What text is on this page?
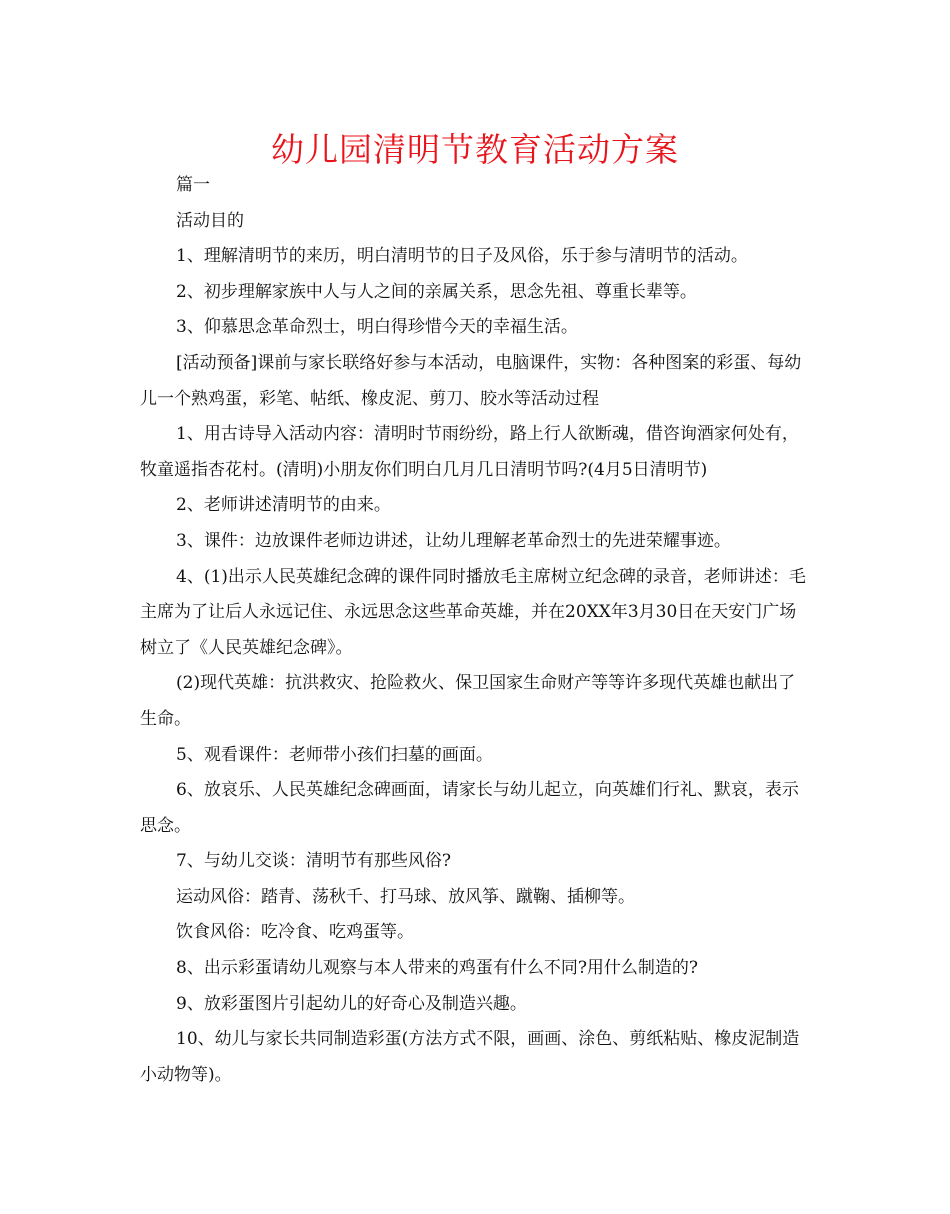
幼儿园清明节教育活动方案

篇一

活动目的

1、理解清明节的来历，明白清明节的日子及风俗，乐于参与清明节的活动。

2、初步理解家族中人与人之间的亲属关系，思念先祖、尊重长辈等。

3、仰慕思念革命烈士，明白得珍惜今天的幸福生活。

[活动预备]课前与家长联络好参与本活动，电脑课件，实物：各种图案的彩蛋、每幼儿一个熟鸡蛋，彩笔、帖纸、橡皮泥、剪刀、胶水等活动过程

1、用古诗导入活动内容：清明时节雨纷纷，路上行人欲断魂，借咨询酒家何处有，牧童遥指杏花村。(清明)小朋友你们明白几月几日清明节吗?(4月5日清明节)

2、老师讲述清明节的由来。

3、课件：边放课件老师边讲述，让幼儿理解老革命烈士的先进荣耀事迹。

4、(1)出示人民英雄纪念碑的课件同时播放毛主席树立纪念碑的录音，老师讲述：毛主席为了让后人永远记住、永远思念这些革命英雄，并在20XX年3月30日在天安门广场树立了《人民英雄纪念碑》。

(2)现代英雄：抗洪救灾、抢险救火、保卫国家生命财产等等许多现代英雄也献出了生命。

5、观看课件：老师带小孩们扫墓的画面。

6、放哀乐、人民英雄纪念碑画面，请家长与幼儿起立，向英雄们行礼、默哀，表示思念。

7、与幼儿交谈：清明节有那些风俗?

运动风俗：踏青、荡秋千、打马球、放风筝、蹴鞠、插柳等。

饮食风俗：吃冷食、吃鸡蛋等。

8、出示彩蛋请幼儿观察与本人带来的鸡蛋有什么不同?用什么制造的?

9、放彩蛋图片引起幼儿的好奇心及制造兴趣。

10、幼儿与家长共同制造彩蛋(方法方式不限，画画、涂色、剪纸粘贴、橡皮泥制造小动物等)。
